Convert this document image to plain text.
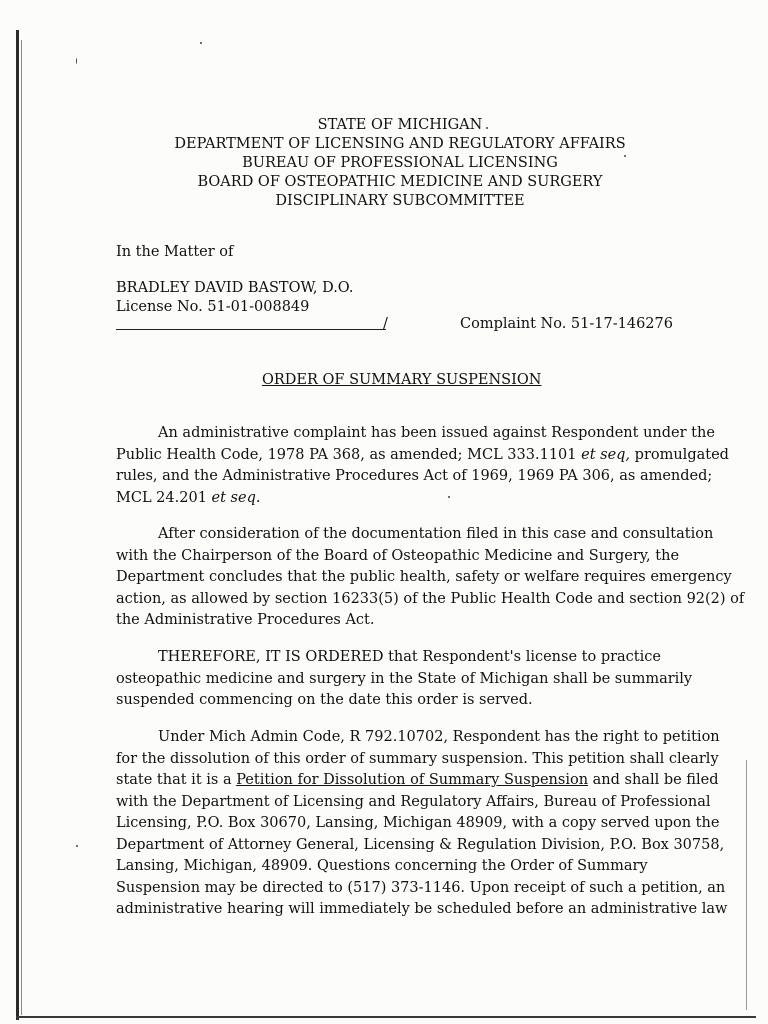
STATE OF MICHIGAN
DEPARTMENT OF LICENSING AND REGULATORY AFFAIRS
BUREAU OF PROFESSIONAL LICENSING
BOARD OF OSTEOPATHIC MEDICINE AND SURGERY
DISCIPLINARY SUBCOMMITTEE
In the Matter of
BRADLEY DAVID BASTOW, D.O.
License No. 51-01-008849
/	Complaint No. 51-17-146276
ORDER OF SUMMARY SUSPENSION
An administrative complaint has been issued against Respondent under the
Public Health Code, 1978 PA 368, as amended; MCL 333.1101 et seq, promulgated
rules, and the Administrative Procedures Act of 1969, 1969 PA 306, as amended;
MCL 24.201 et seq.
After consideration of the documentation filed in this case and consultation
with the Chairperson of the Board of Osteopathic Medicine and Surgery, the
Department concludes that the public health, safety or welfare requires emergency
action, as allowed by section 16233(5) of the Public Health Code and section 92(2) of
the Administrative Procedures Act.
THEREFORE, IT IS ORDERED that Respondent's license to practice
osteopathic medicine and surgery in the State of Michigan shall be summarily
suspended commencing on the date this order is served.
Under Mich Admin Code, R 792.10702, Respondent has the right to petition
for the dissolution of this order of summary suspension. This petition shall clearly
state that it is a Petition for Dissolution of Summary Suspension and shall be filed
with the Department of Licensing and Regulatory Affairs, Bureau of Professional
Licensing, P.O. Box 30670, Lansing, Michigan 48909, with a copy served upon the
Department of Attorney General, Licensing & Regulation Division, P.O. Box 30758,
Lansing, Michigan, 48909. Questions concerning the Order of Summary
Suspension may be directed to (517) 373-1146. Upon receipt of such a petition, an
administrative hearing will immediately be scheduled before an administrative law
